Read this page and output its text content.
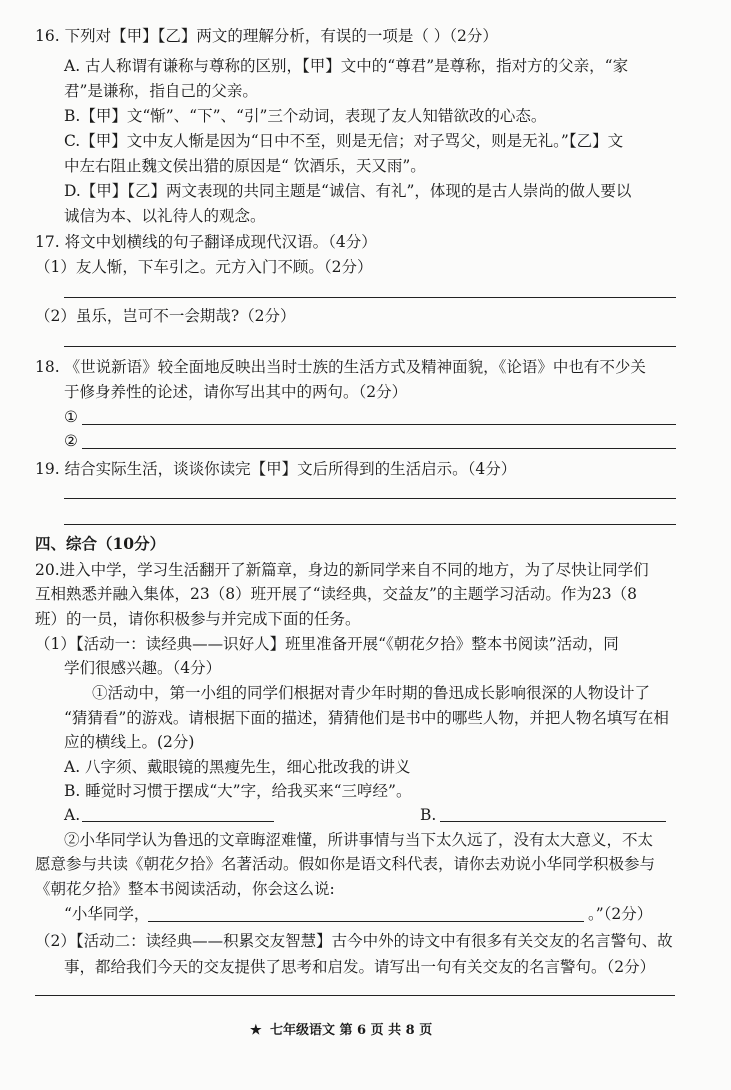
16. 下列对【甲】【乙】两文的理解分析，有误的一项是（ ）（2分）
A. 古人称谓有谦称与尊称的区别，【甲】文中的“尊君”是尊称，指对方的父亲，“家
君”是谦称，指自己的父亲。
B.【甲】文“惭”、“下”、“引”三个动词，表现了友人知错欲改的心态。
C.【甲】文中友人惭是因为“日中不至，则是无信；对子骂父，则是无礼。”【乙】文
中左右阻止魏文侯出猎的原因是“ 饮酒乐，天又雨”。
D.【甲】【乙】两文表现的共同主题是“诚信、有礼”，体现的是古人崇尚的做人要以
诚信为本、以礼待人的观念。
17. 将文中划横线的句子翻译成现代汉语。（4分）
（1）友人惭，下车引之。元方入门不顾。（2分）
（2）虽乐，岂可不一会期哉?（2分）
18. 《世说新语》较全面地反映出当时士族的生活方式及精神面貌，《论语》中也有不少关
于修身养性的论述，请你写出其中的两句。（2分）
①
②
19. 结合实际生活，谈谈你读完【甲】文后所得到的生活启示。（4分）
四、综合（10分）
20.进入中学，学习生活翻开了新篇章，身边的新同学来自不同的地方，为了尽快让同学们
互相熟悉并融入集体，23（8）班开展了“读经典，交益友”的主题学习活动。作为23（8
班）的一员，请你积极参与并完成下面的任务。
（1）【活动一：读经典——识好人】班里准备开展“《朝花夕拾》整本书阅读”活动，同
学们很感兴趣。（4分）
①活动中，第一小组的同学们根据对青少年时期的鲁迅成长影响很深的人物设计了
“猜猜看”的游戏。请根据下面的描述，猜猜他们是书中的哪些人物，并把人物名填写在相
应的横线上。(2分)
A. 八字须、戴眼镜的黑瘦先生，细心批改我的讲义
B. 睡觉时习惯于摆成“大”字，给我买来“三哼经”。
A.	B.
②小华同学认为鲁迅的文章晦涩难懂，所讲事情与当下太久远了，没有太大意义，不太
愿意参与共读《朝花夕拾》名著活动。假如你是语文科代表，请你去劝说小华同学积极参与
《朝花夕拾》整本书阅读活动，你会这么说:
“小华同学，	。”（2分）
（2）【活动二：读经典——积累交友智慧】古今中外的诗文中有很多有关交友的名言警句、故
事，都给我们今天的交友提供了思考和启发。请写出一句有关交友的名言警句。（2分）
★ 七年级语文 第 6 页 共 8 页
